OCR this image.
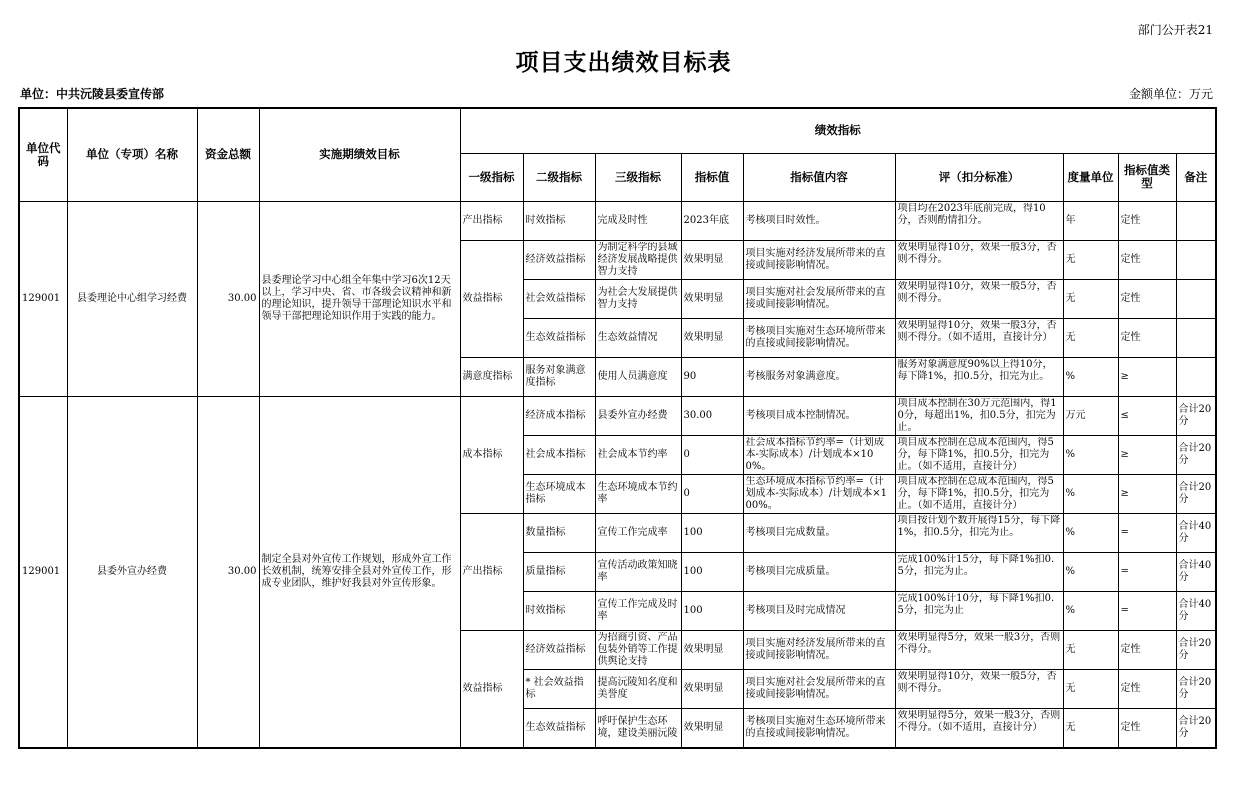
部门公开表21
项目支出绩效目标表
单位：中共沅陵县委宣传部	金额单位：万元
单位代码	单位（专项）名称	资金总额	实施期绩效目标	绩效指标								
				一级指标	二级指标	三级指标	指标值	指标值内容	评（扣分标准）	度量单位	指标值类型	备注
129001	县委理论中心组学习经费	30.00	县委理论学习中心组全年集中学习6次12天以上，学习中央、省、市各级会议精神和新的理论知识，提升领导干部理论知识水平和领导干部把理论知识作用于实践的能力。	产出指标	时效指标	完成及时性	2023年底	考核项目时效性。	项目均在2023年底前完成，得10分，否则酌情扣分。	年	定性	
				效益指标	经济效益指标	为制定科学的县域经济发展战略提供智力支持	效果明显	项目实施对经济发展所带来的直接或间接影响情况。	效果明显得10分，效果一般3分，否则不得分。	无	定性	
					社会效益指标	为社会大发展提供智力支持	效果明显	项目实施对社会发展所带来的直接或间接影响情况。	效果明显得10分，效果一般5分，否则不得分。	无	定性	
					生态效益指标	生态效益情况	效果明显	考核项目实施对生态环境所带来的直接或间接影响情况。	效果明显得10分，效果一般3分，否则不得分。（如不适用，直接计分）	无	定性	
				满意度指标	服务对象满意度指标	使用人员满意度	90	考核服务对象满意度。	服务对象满意度90%以上得10分，每下降1%，扣0.5分，扣完为止。	%	≥	
129001	县委外宣办经费	30.00	制定全县对外宣传工作规划，形成外宣工作长效机制，统筹安排全县对外宣传工作，形成专业团队，维护好我县对外宣传形象。	成本指标	经济成本指标	县委外宣办经费	30.00	考核项目成本控制情况。	项目成本控制在30万元范围内，得10分，每超出1%，扣0.5分，扣完为止。	万元	≤	合计20分
					社会成本指标	社会成本节约率	0	社会成本指标节约率=（计划成本-实际成本）/计划成本×100%。	项目成本控制在总成本范围内，得5分，每下降1%，扣0.5分，扣完为止。（如不适用，直接计分）	%	≥	合计20分
					生态环境成本指标	生态环境成本节约率	0	生态环境成本指标节约率=（计划成本-实际成本）/计划成本×100%。	项目成本控制在总成本范围内，得5分，每下降1%，扣0.5分，扣完为止。（如不适用，直接计分）	%	≥	合计20分
				产出指标	数量指标	宣传工作完成率	100	考核项目完成数量。	项目按计划个数开展得15分，每下降1%，扣0.5分，扣完为止。	%	=	合计40分
					质量指标	宣传活动政策知晓率	100	考核项目完成质量。	完成100%计15分，每下降1%扣0.5分，扣完为止。	%	=	合计40分
					时效指标	宣传工作完成及时率	100	考核项目及时完成情况	完成100%计10分，每下降1%扣0.5分，扣完为止	%	=	合计40分
				效益指标	经济效益指标	为招商引资、产品包装外销等工作提供舆论支持	效果明显	项目实施对经济发展所带来的直接或间接影响情况。	效果明显得5分，效果一般3分，否则不得分。	无	定性	合计20分
					* 社会效益指标	提高沅陵知名度和美誉度	效果明显	项目实施对社会发展所带来的直接或间接影响情况。	效果明显得10分，效果一般5分，否则不得分。	无	定性	合计20分
					生态效益指标	呼吁保护生态环境，建设美丽沅陵	效果明显	考核项目实施对生态环境所带来的直接或间接影响情况。	效果明显得5分，效果一般3分，否则不得分。（如不适用，直接计分）	无	定性	合计20分
